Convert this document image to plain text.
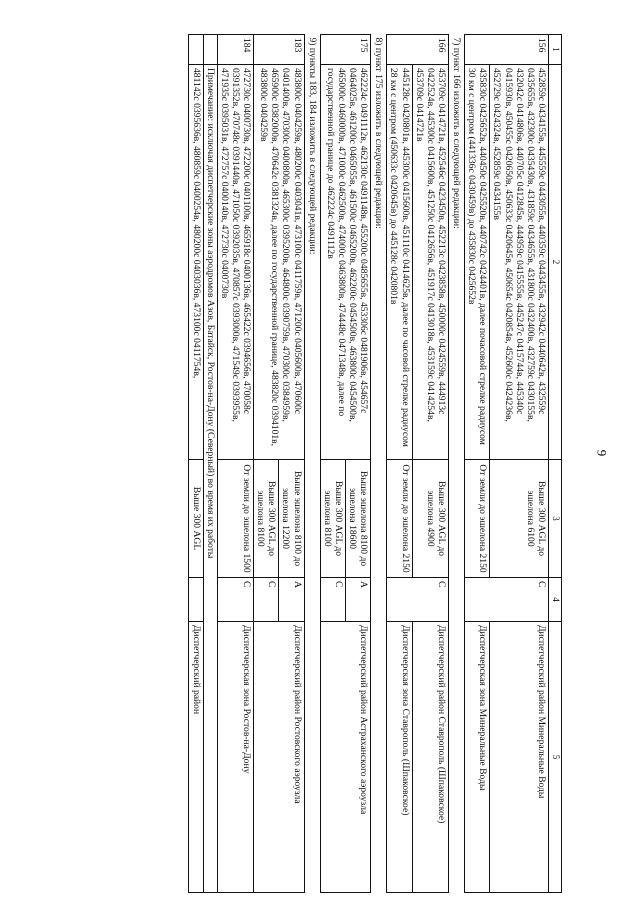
9
1	2	3	4	5
156	452859с 0434155в, 445559с 0443055в, 440359с 0443455в, 432942с 0440642в, 432559с 0435655в, 432300с 0435430в, 431859с 0434655в, 431800с 0432400в, 432759с 0430155в, 432042с 0414806в, 440705с 0412845в, 444959с 0415555в, 445247с 0415744в, 445340с 0415930в, 450455с 0420650в, 450633с 0420645в, 450654с 0420854в, 452600с 0424236в, 452729с 0424324в, 452859с 0434155в	Выше 300 AGL до эшелона 6100	С	Диспетчерский район Минеральные Воды
	435830с 0425652в, 440450с 0425520в, 440742с 0424401в, далее почасовой стрелке радиусом 30 км с центром (441336с 0430459в) до 435830с 0425652в	От земли до эшелона 2150		Диспетчерская зона Минеральные Воды
7) пункт 166 изложить в следующей редакции:				
166	453709с 0414721в, 452546с 0423450в, 452213с 0423858в, 450000с 0424559в, 444913с 0422524в, 445300с 0415600в, 451250с 0412656в, 451917с 0413018в, 453159с 0414254в, 453709с 0414721в	Выше 300 AGL до эшелона 4900	С	Диспетчерский район Ставрополь (Шпаковское)
	445128с 0420801в, 445300с 0415600в, 451110с 0414625в, далее по часовой стрелке радиусом 28 км с центром (450633с 0420645в) до 445128с 0420801в	От земли до эшелона 2150		Диспетчерская зона Ставрополь (Шпаковское)
8) пункт 175 изложить в следующей редакции:				
175	462224с 0491112в, 462130с 0491148в, 455200с 0485655в, 453306с 0481906в, 454657с 0464025в, 461200с 0465055в, 461500с 0465200в, 462200с 0454500в, 463800с 0454500в, 465000с 0460000в, 471000с 0462500в, 474000с 0463800в, 474448с 0471348в, далее по государственной границе до 462224с 0491112в	Выше эшелона 8100 до эшелона 18600	А	Диспетчерский район Астраханского аэроузла
		Выше 300 AGL до эшелона 8100	С	
9) пункты 183, 184 изложить в следующей редакции:				
183	483800с 0404259в, 480200с 0403041в, 473100с 0411759в, 471200с 0405600в, 470600с 0401400в, 470300с 0400800в, 465300с 0395200в, 464800с 0390759в, 470300с 0384959в, 465900с 0382000в, 470642с 0381324в, далее по государственной границе, 483820с 0394101в, 483800с 0404259в	Выше эшелона 8100 до эшелона 12200	А	Диспетчерский район Ростовского аэроузла
		Выше 300 AGL до эшелона 8100	С	
184	472730с 0400730в, 472200с 0401100в, 465918с 0400136в, 465422с 0394656в, 470058с 0391352в, 470748с 0391440в, 471050с 0392035в, 470857с 0393000в, 471549с 0393955в, 471935с 0395031в, 472757с 0400140в, 472730с 0400730в	От земли до эшелона 1500	С	Диспетчерская зона Ростов-на-Дону
	Примечание: исключая диспетчерские зоны аэродромов Азов, Батайск, Ростов-на-Дону (Северный) во время их работы			
	481142с 0395636в, 480859с 0400254в, 480200с 0403036в, 473100с 0411754в,	Выше 300 AGL		Диспетчерский район
